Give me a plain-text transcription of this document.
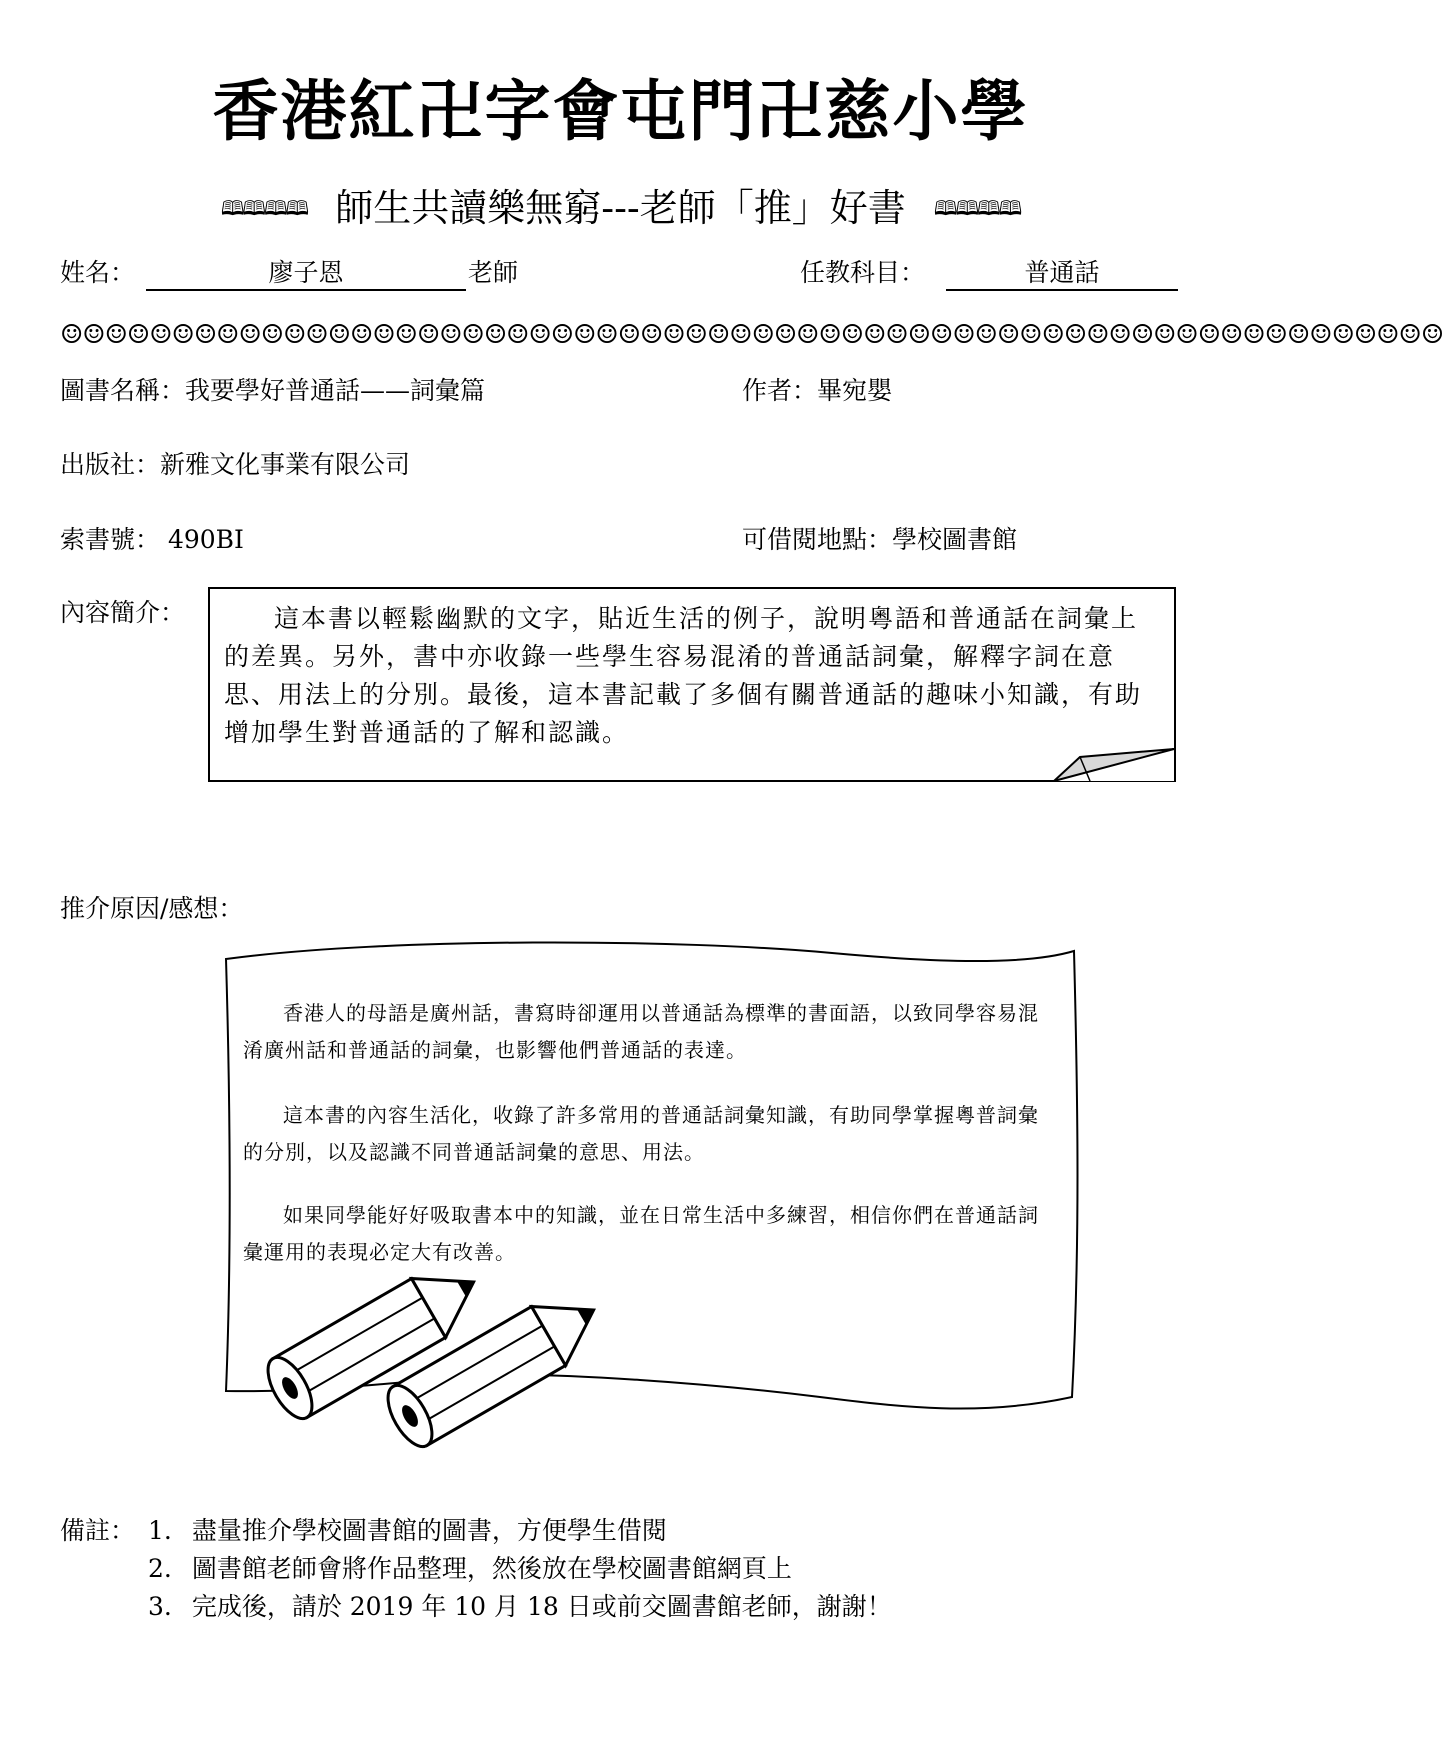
香港紅卍字會屯門卍慈小學
🕮🕮🕮🕮 師生共讀樂無窮---老師「推」好書 🕮🕮🕮🕮
姓名：	廖子恩	老師	任教科目：	普通話
☺☺☺☺☺☺☺☺☺☺☺☺☺☺☺☺☺☺☺☺☺☺☺☺☺☺☺☺☺☺☺☺☺☺☺☺☺☺☺☺☺☺☺☺☺☺☺☺☺☺☺☺☺☺☺☺☺☺☺☺☺☺
圖書名稱：我要學好普通話——詞彙篇	作者：畢宛嬰
出版社：新雅文化事業有限公司
索書號： 490BI	可借閱地點：學校圖書館
內容簡介：	這本書以輕鬆幽默的文字，貼近生活的例子，說明粵語和普通話在詞彙上的差異。另外，書中亦收錄一些學生容易混淆的普通話詞彙，解釋字詞在意思、用法上的分別。最後，這本書記載了多個有關普通話的趣味小知識，有助增加學生對普通話的了解和認識。
推介原因/感想：
香港人的母語是廣州話，書寫時卻運用以普通話為標準的書面語，以致同學容易混淆廣州話和普通話的詞彙，也影響他們普通話的表達。
這本書的內容生活化，收錄了許多常用的普通話詞彙知識，有助同學掌握粵普詞彙的分別，以及認識不同普通話詞彙的意思、用法。
如果同學能好好吸取書本中的知識，並在日常生活中多練習，相信你們在普通話詞彙運用的表現必定大有改善。
備註： 1. 盡量推介學校圖書館的圖書，方便學生借閱
2. 圖書館老師會將作品整理，然後放在學校圖書館網頁上
3. 完成後，請於 2019 年 10 月 18 日或前交圖書館老師，謝謝！
